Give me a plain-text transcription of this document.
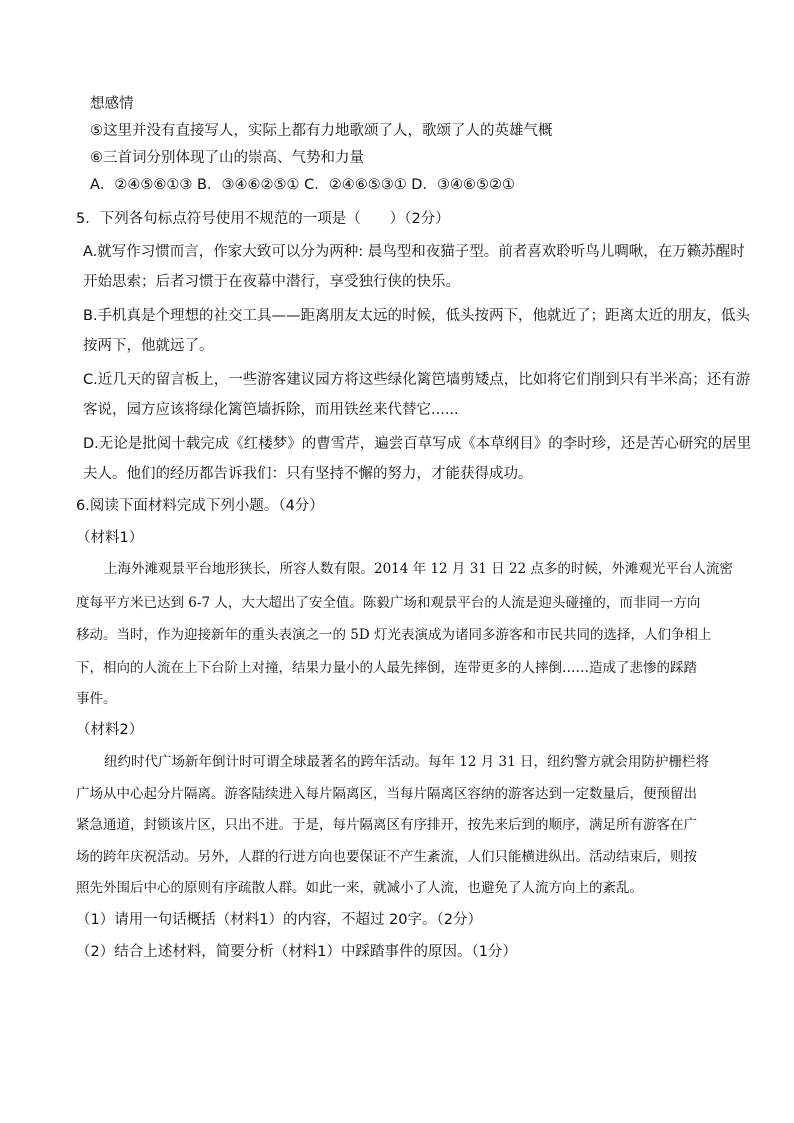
想感情
⑤这里并没有直接写人，实际上都有力地歌颂了人，歌颂了人的英雄气概
⑥三首词分别体现了山的崇高、气势和力量
A．②④⑤⑥①③ B．③④⑥②⑤① C．②④⑥⑤③① D．③④⑥⑤②①
5．下列各句标点符号使用不规范的一项是（　　）（2分）
A.就写作习惯而言，作家大致可以分为两种: 晨鸟型和夜猫子型。前者喜欢聆听鸟儿啁啾，在万籁苏醒时
开始思索；后者习惯于在夜幕中潜行，享受独行侠的快乐。
B.手机真是个理想的社交工具——距离朋友太远的时候，低头按两下，他就近了；距离太近的朋友，低头
按两下，他就远了。
C.近几天的留言板上，一些游客建议园方将这些绿化篱笆墙剪矮点，比如将它们削到只有半米高；还有游
客说，园方应该将绿化篱笆墙拆除，而用铁丝来代替它......
D.无论是批阅十载完成《红楼梦》的曹雪芹，遍尝百草写成《本草纲目》的李时珍，还是苦心研究的居里
夫人。他们的经历都告诉我们：只有坚持不懈的努力，才能获得成功。
6.阅读下面材料完成下列小题。（4分）
（材料1）
上海外滩观景平台地形狭长，所容人数有限。2014 年 12 月 31 日 22 点多的时候，外滩观光平台人流密
度每平方米已达到 6-7 人，大大超出了安全值。陈毅广场和观景平台的人流是迎头碰撞的，而非同一方向
移动。当时，作为迎接新年的重头表演之一的 5D 灯光表演成为诸同多游客和市民共同的选择，人们争相上
下，相向的人流在上下台阶上对撞，结果力量小的人最先摔倒，连带更多的人摔倒……造成了悲惨的踩踏
事件。
（材料2）
纽约时代广场新年倒计时可谓全球最著名的跨年活动。每年 12 月 31 日，纽约警方就会用防护栅栏将
广场从中心起分片隔离。游客陆续进入每片隔离区，当每片隔离区容纳的游客达到一定数量后，便预留出
紧急通道，封锁该片区，只出不进。于是，每片隔离区有序排开，按先来后到的顺序，满足所有游客在广
场的跨年庆祝活动。另外，人群的行进方向也要保证不产生紊流，人们只能横进纵出。活动结束后，则按
照先外围后中心的原则有序疏散人群。如此一来，就减小了人流，也避免了人流方向上的紊乱。
（1）请用一句话概括（材料1）的内容，不超过 20字。（2分）
（2）结合上述材料，简要分析（材料1）中踩踏事件的原因。（1分）
